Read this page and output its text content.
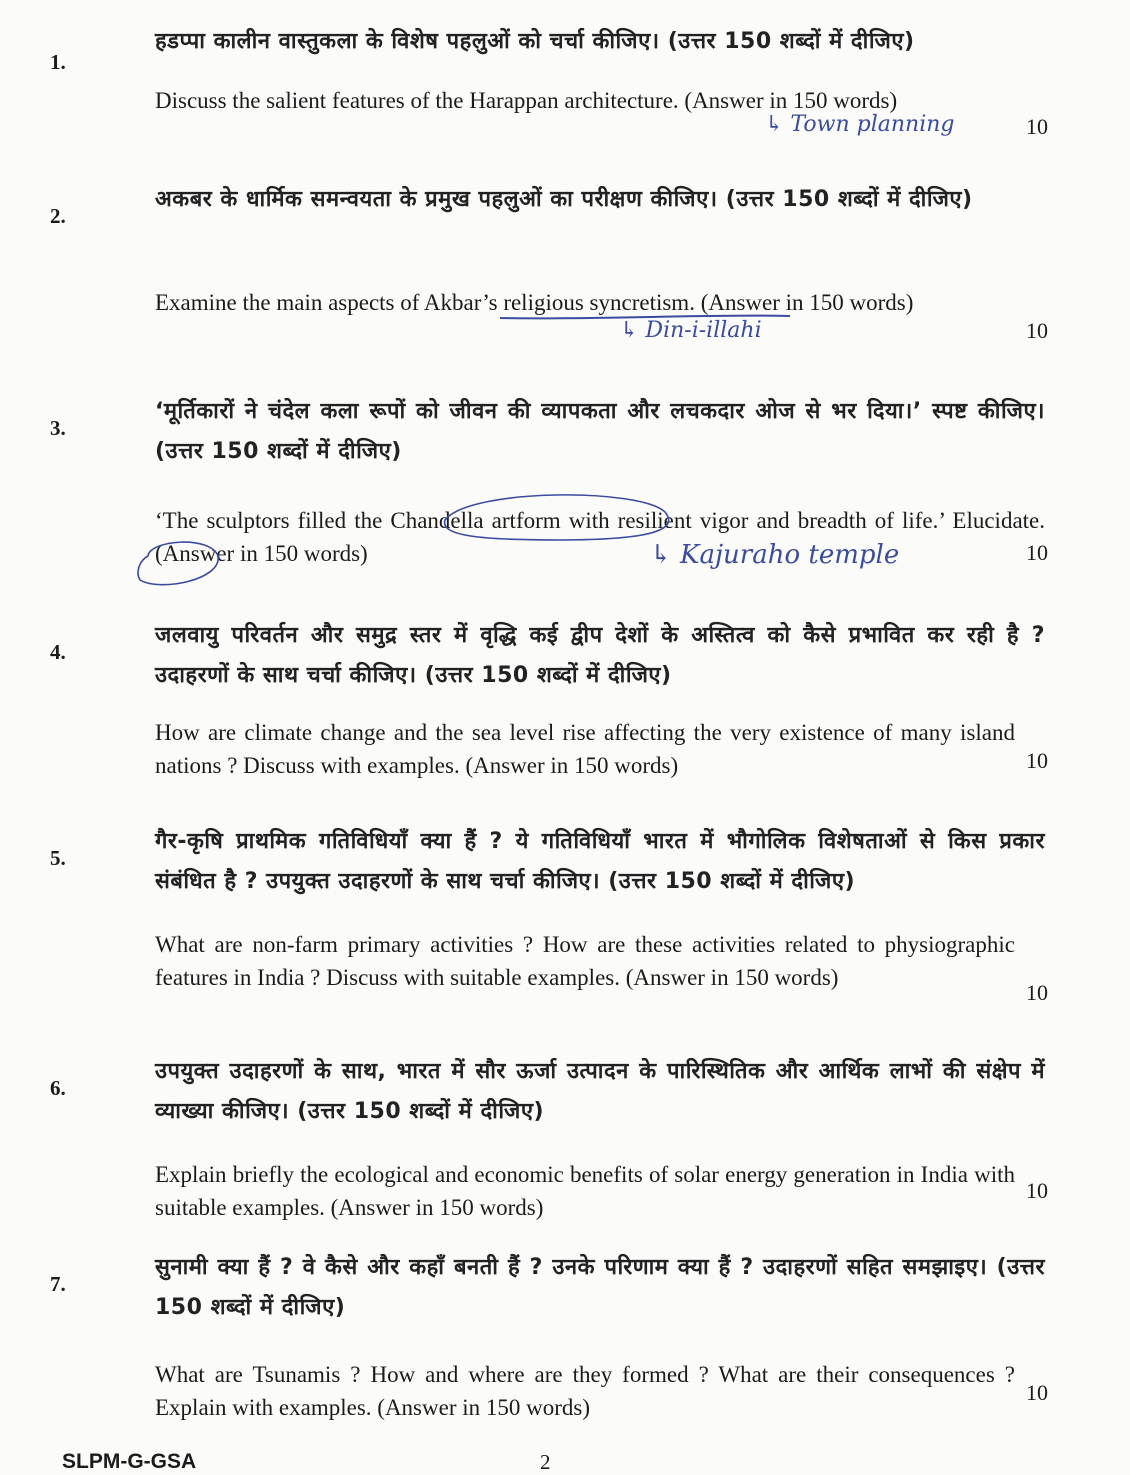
1.
हडप्पा कालीन वास्तुकला के विशेष पहलुओं को चर्चा कीजिए। (उत्तर 150 शब्दों में दीजिए)
Discuss the salient features of the Harappan architecture. (Answer in 150 words)
↳ Town planning	10
2.
अकबर के धार्मिक समन्वयता के प्रमुख पहलुओं का परीक्षण कीजिए। (उत्तर 150 शब्दों में दीजिए)
Examine the main aspects of Akbar’s religious syncretism. (Answer in 150 words)
↳ Din-i-illahi	10
3.
‘मूर्तिकारों ने चंदेल कला रूपों को जीवन की व्यापकता और लचकदार ओज से भर दिया।’ स्पष्ट कीजिए। (उत्तर 150 शब्दों में दीजिए)
‘The sculptors filled the Chandella artform with resilient vigor and breadth of life.’ Elucidate. (Answer in 150 words)	↳ Kajuraho temple	10
4.
जलवायु परिवर्तन और समुद्र स्तर में वृद्धि कई द्वीप देशों के अस्तित्व को कैसे प्रभावित कर रही है ? उदाहरणों के साथ चर्चा कीजिए। (उत्तर 150 शब्दों में दीजिए)
How are climate change and the sea level rise affecting the very existence of many island nations ? Discuss with examples. (Answer in 150 words)	10
5.
गैर-कृषि प्राथमिक गतिविधियाँ क्या हैं ? ये गतिविधियाँ भारत में भौगोलिक विशेषताओं से किस प्रकार संबंधित है ? उपयुक्त उदाहरणों के साथ चर्चा कीजिए। (उत्तर 150 शब्दों में दीजिए)
What are non-farm primary activities ? How are these activities related to physiographic features in India ? Discuss with suitable examples. (Answer in 150 words)
10
6.
उपयुक्त उदाहरणों के साथ, भारत में सौर ऊर्जा उत्पादन के पारिस्थितिक और आर्थिक लाभों की संक्षेप में व्याख्या कीजिए। (उत्तर 150 शब्दों में दीजिए)
Explain briefly the ecological and economic benefits of solar energy generation in India with suitable examples. (Answer in 150 words)
10
7.
सुनामी क्या हैं ? वे कैसे और कहाँ बनती हैं ? उनके परिणाम क्या हैं ? उदाहरणों सहित समझाइए। (उत्तर 150 शब्दों में दीजिए)
What are Tsunamis ? How and where are they formed ? What are their consequences ? Explain with examples. (Answer in 150 words)
10
SLPM-G-GSA	2
